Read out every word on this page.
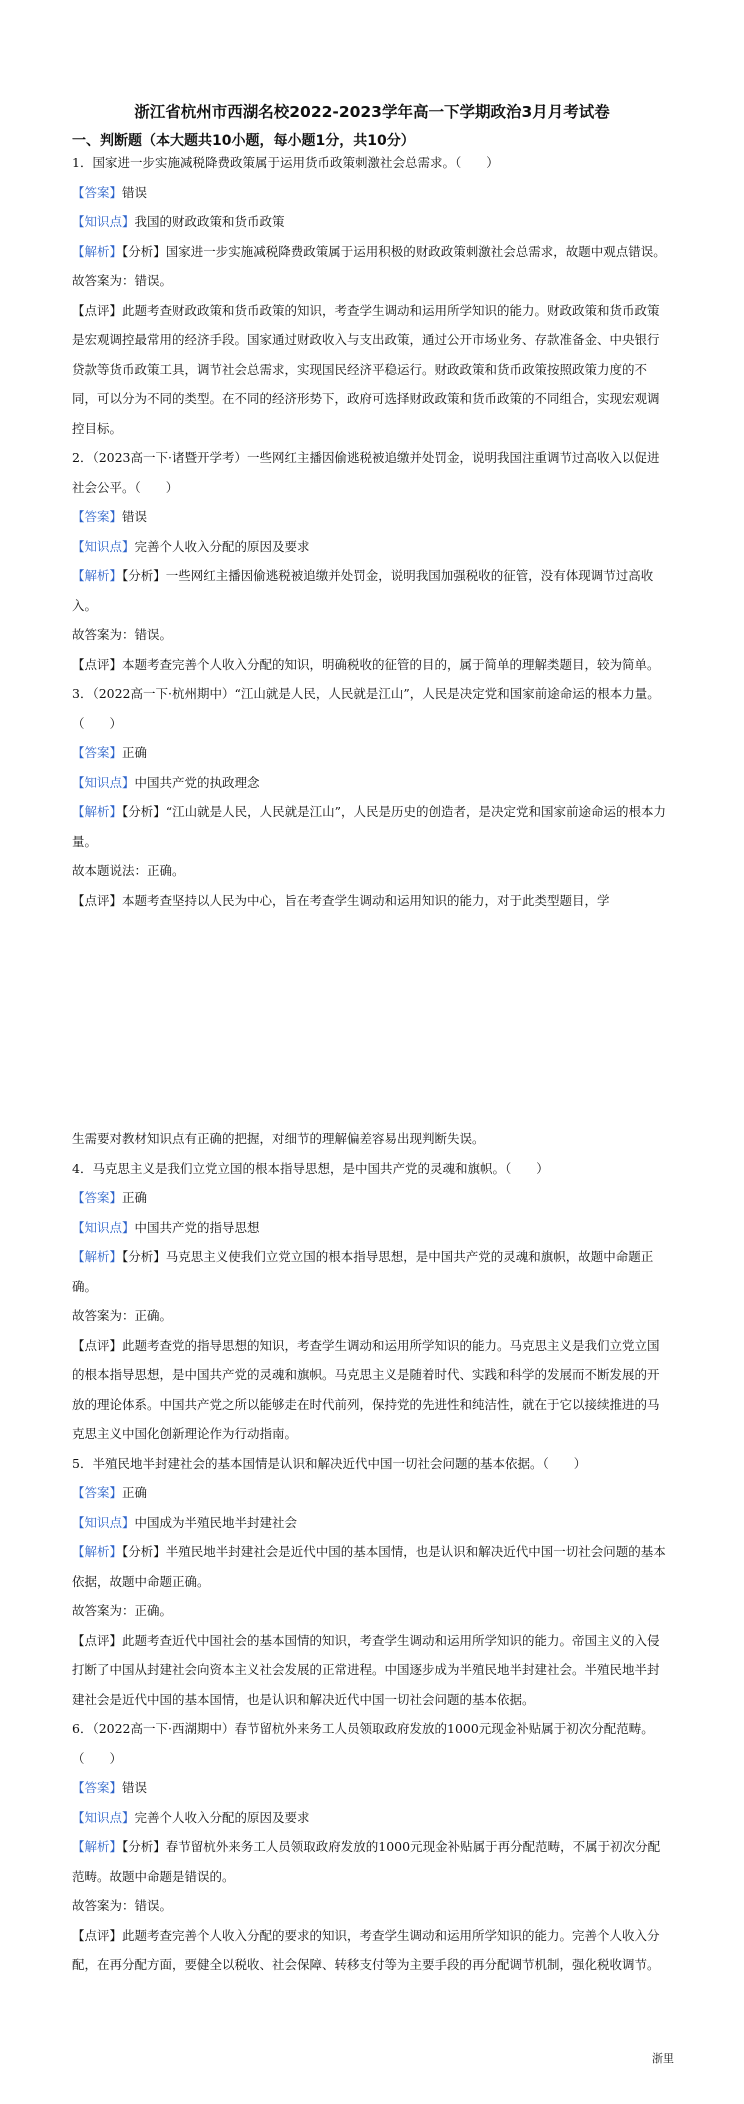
浙江省杭州市西湖名校2022-2023学年高一下学期政治3月月考试卷
一、判断题（本大题共10小题，每小题1分，共10分）

1．国家进一步实施减税降费政策属于运用货币政策刺激社会总需求。（　　）

【答案】错误

【知识点】我国的财政政策和货币政策

【解析】【分析】国家进一步实施减税降费政策属于运用积极的财政政策刺激社会总需求，故题中观点错误。

故答案为：错误。

【点评】此题考查财政政策和货币政策的知识，考查学生调动和运用所学知识的能力。财政政策和货币政策是宏观调控最常用的经济手段。国家通过财政收入与支出政策，通过公开市场业务、存款准备金、中央银行贷款等货币政策工具，调节社会总需求，实现国民经济平稳运行。财政政策和货币政策按照政策力度的不同，可以分为不同的类型。在不同的经济形势下，政府可选择财政政策和货币政策的不同组合，实现宏观调控目标。

2．（2023高一下·诸暨开学考）一些网红主播因偷逃税被追缴并处罚金，说明我国注重调节过高收入以促进社会公平。（　　）

【答案】错误

【知识点】完善个人收入分配的原因及要求

【解析】【分析】一些网红主播因偷逃税被追缴并处罚金，说明我国加强税收的征管，没有体现调节过高收入。

故答案为：错误。

【点评】本题考查完善个人收入分配的知识，明确税收的征管的目的，属于简单的理解类题目，较为简单。

3．（2022高一下·杭州期中）“江山就是人民，人民就是江山”，人民是决定党和国家前途命运的根本力量。（　　）

【答案】正确

【知识点】中国共产党的执政理念

【解析】【分析】“江山就是人民，人民就是江山”，人民是历史的创造者，是决定党和国家前途命运的根本力量。

故本题说法：正确。

【点评】本题考查坚持以人民为中心，旨在考查学生调动和运用知识的能力，对于此类型题目，学

生需要对教材知识点有正确的把握，对细节的理解偏差容易出现判断失误。

4．马克思主义是我们立党立国的根本指导思想，是中国共产党的灵魂和旗帜。（　　）

【答案】正确

【知识点】中国共产党的指导思想

【解析】【分析】马克思主义使我们立党立国的根本指导思想，是中国共产党的灵魂和旗帜，故题中命题正确。

故答案为：正确。

【点评】此题考查党的指导思想的知识，考查学生调动和运用所学知识的能力。马克思主义是我们立党立国的根本指导思想，是中国共产党的灵魂和旗帜。马克思主义是随着时代、实践和科学的发展而不断发展的开放的理论体系。中国共产党之所以能够走在时代前列，保持党的先进性和纯洁性，就在于它以接续推进的马克思主义中国化创新理论作为行动指南。

5．半殖民地半封建社会的基本国情是认识和解决近代中国一切社会问题的基本依据。（　　）

【答案】正确

【知识点】中国成为半殖民地半封建社会

【解析】【分析】半殖民地半封建社会是近代中国的基本国情，也是认识和解决近代中国一切社会问题的基本依据，故题中命题正确。

故答案为：正确。

【点评】此题考查近代中国社会的基本国情的知识，考查学生调动和运用所学知识的能力。帝国主义的入侵打断了中国从封建社会向资本主义社会发展的正常进程。中国逐步成为半殖民地半封建社会。半殖民地半封建社会是近代中国的基本国情，也是认识和解决近代中国一切社会问题的基本依据。

6．（2022高一下·西湖期中）春节留杭外来务工人员领取政府发放的1000元现金补贴属于初次分配范畴。（　　）

【答案】错误

【知识点】完善个人收入分配的原因及要求

【解析】【分析】春节留杭外来务工人员领取政府发放的1000元现金补贴属于再分配范畴，不属于初次分配范畴。故题中命题是错误的。

故答案为：错误。

【点评】此题考查完善个人收入分配的要求的知识，考查学生调动和运用所学知识的能力。完善个人收入分配，在再分配方面，要健全以税收、社会保障、转移支付等为主要手段的再分配调节机制，强化税收调节。

浙里
